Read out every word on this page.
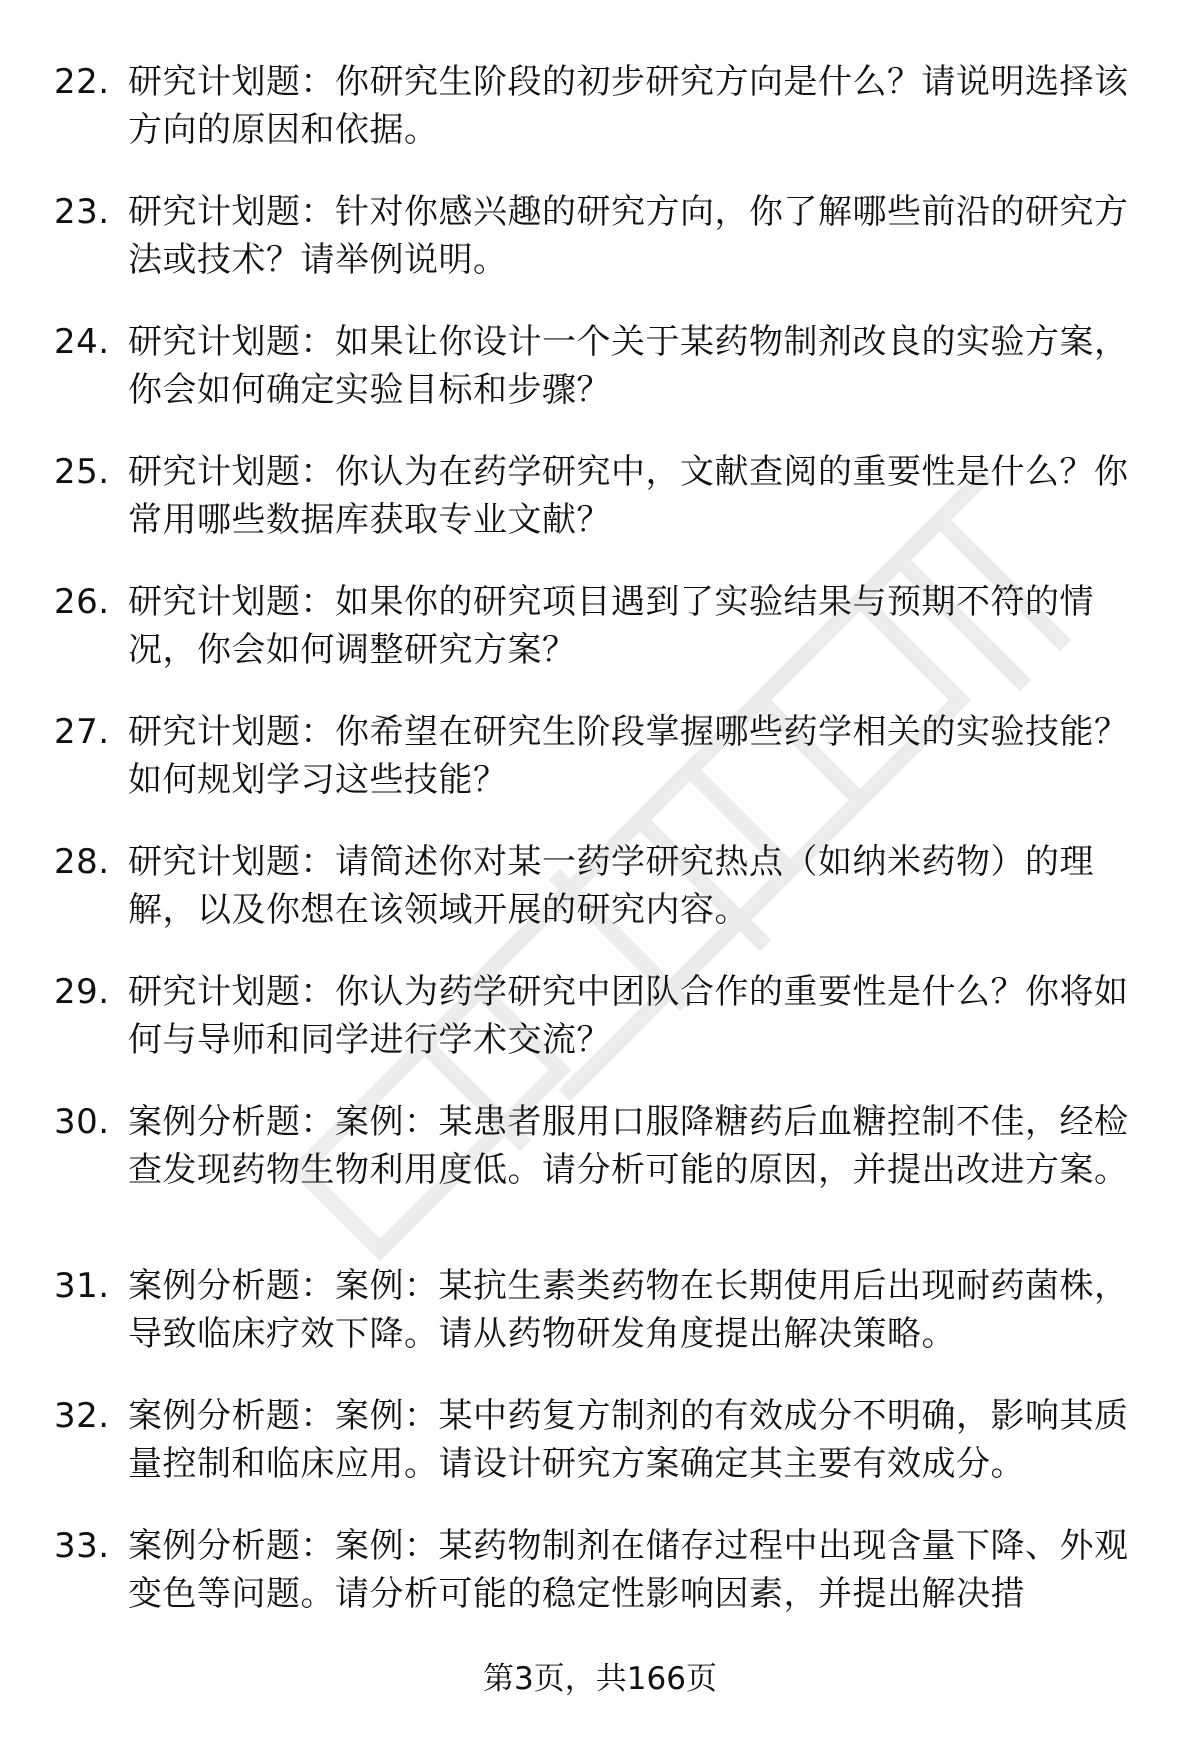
22. 研究计划题：你研究生阶段的初步研究方向是什么？请说明选择该方向的原因和依据。
23. 研究计划题：针对你感兴趣的研究方向，你了解哪些前沿的研究方法或技术？请举例说明。
24. 研究计划题：如果让你设计一个关于某药物制剂改良的实验方案，你会如何确定实验目标和步骤？
25. 研究计划题：你认为在药学研究中，文献查阅的重要性是什么？你常用哪些数据库获取专业文献？
26. 研究计划题：如果你的研究项目遇到了实验结果与预期不符的情况，你会如何调整研究方案？
27. 研究计划题：你希望在研究生阶段掌握哪些药学相关的实验技能？如何规划学习这些技能？
28. 研究计划题：请简述你对某一药学研究热点（如纳米药物）的理解，以及你想在该领域开展的研究内容。
29. 研究计划题：你认为药学研究中团队合作的重要性是什么？你将如何与导师和同学进行学术交流？
30. 案例分析题：案例：某患者服用口服降糖药后血糖控制不佳，经检查发现药物生物利用度低。请分析可能的原因，并提出改进方案。
31. 案例分析题：案例：某抗生素类药物在长期使用后出现耐药菌株，导致临床疗效下降。请从药物研发角度提出解决策略。
32. 案例分析题：案例：某中药复方制剂的有效成分不明确，影响其质量控制和临床应用。请设计研究方案确定其主要有效成分。
33. 案例分析题：案例：某药物制剂在储存过程中出现含量下降、外观变色等问题。请分析可能的稳定性影响因素，并提出解决措
第3页，共166页
